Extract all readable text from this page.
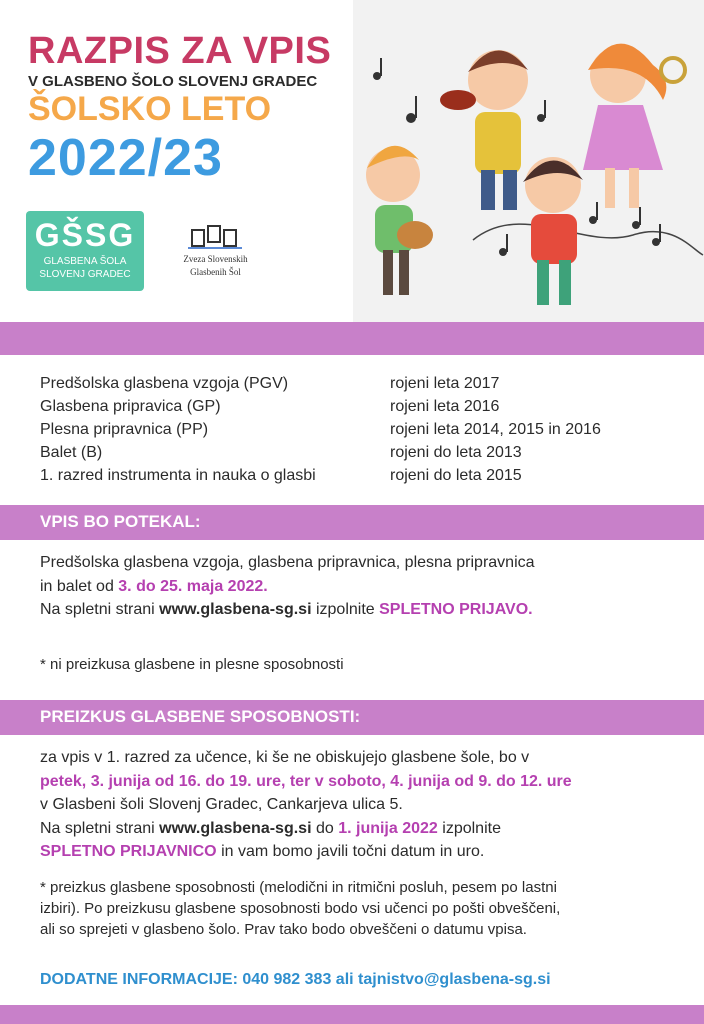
RAZPIS ZA VPIS
V GLASBENO ŠOLO SLOVENJ GRADEC
ŠOLSKO LETO
2022/23
GŠSG
GLASBENA ŠOLA
SLOVENJ GRADEC
Zveza Slovenskih
Glasbenih Šol
Predšolska glasbena vzgoja (PGV)	rojeni leta 2017
Glasbena pripravica (GP)	rojeni leta 2016
Plesna pripravnica (PP)	rojeni leta 2014, 2015 in 2016
Balet (B)	rojeni do leta 2013
1. razred instrumenta in nauka o glasbi	rojeni do leta 2015
VPIS BO POTEKAL:
Predšolska glasbena vzgoja, glasbena pripravnica, plesna pripravnica
in balet od 3. do 25. maja 2022.
Na spletni strani www.glasbena-sg.si izpolnite SPLETNO PRIJAVO.
* ni preizkusa glasbene in plesne sposobnosti
PREIZKUS GLASBENE SPOSOBNOSTI:
za vpis v 1. razred za učence, ki še ne obiskujejo glasbene šole, bo v
petek, 3. junija od 16. do 19. ure, ter v soboto, 4. junija od 9. do 12. ure
v Glasbeni šoli Slovenj Gradec, Cankarjeva ulica 5.
Na spletni strani www.glasbena-sg.si do 1. junija 2022 izpolnite
SPLETNO PRIJAVNICO in vam bomo javili točni datum in uro.
* preizkus glasbene sposobnosti (melodični in ritmični posluh, pesem po lastni
izbiri). Po preizkusu glasbene sposobnosti bodo vsi učenci po pošti obveščeni,
ali so sprejeti v glasbeno šolo. Prav tako bodo obveščeni o datumu vpisa.
DODATNE INFORMACIJE: 040 982 383 ali tajnistvo@glasbena-sg.si
